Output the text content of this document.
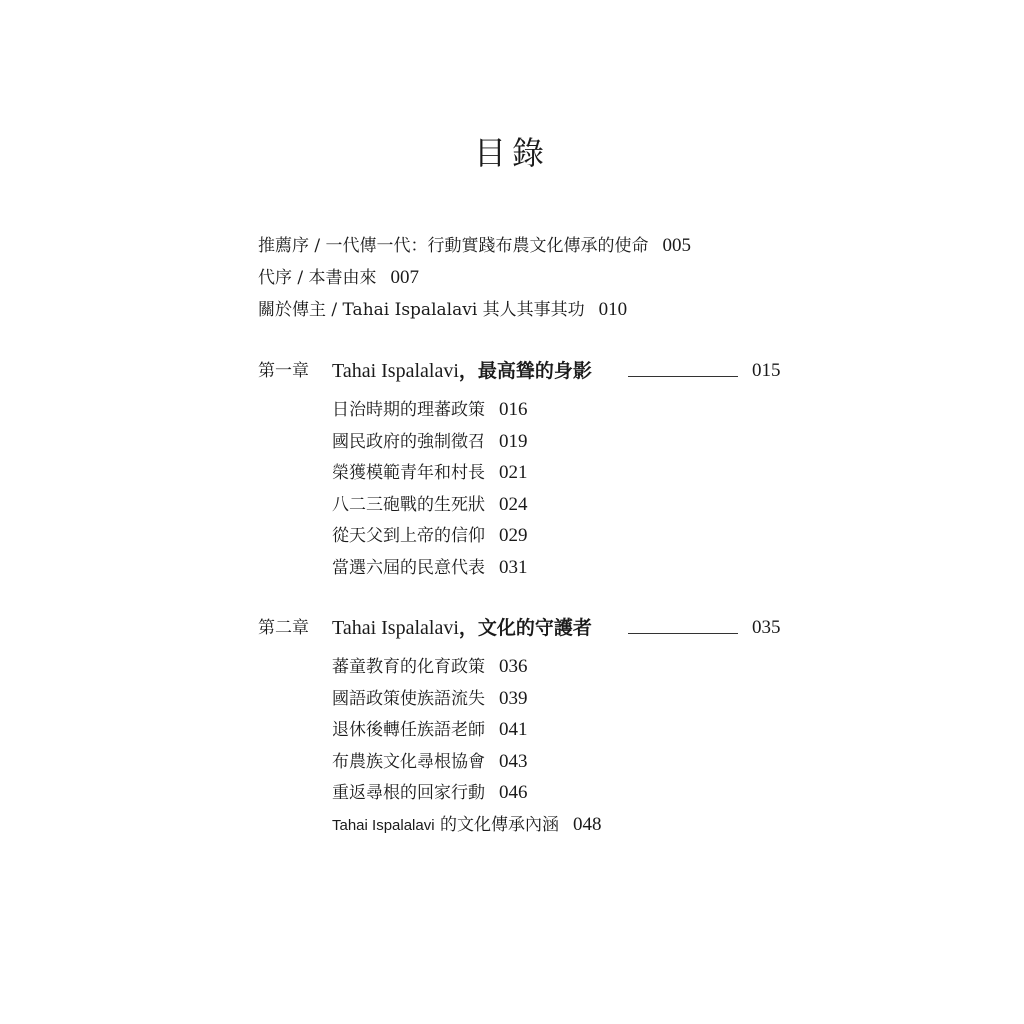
目錄
推薦序 / 一代傳一代：行動實踐布農文化傳承的使命 005
代序 / 本書由來 007
關於傳主 / Tahai Ispalalavi 其人其事其功 010
第一章 Tahai Ispalalavi，最高聳的身影	015
日治時期的理蕃政策 016
國民政府的強制徵召 019
榮獲模範青年和村長 021
八二三砲戰的生死狀 024
從天父到上帝的信仰 029
當選六屆的民意代表 031
第二章 Tahai Ispalalavi，文化的守護者	035
蕃童教育的化育政策 036
國語政策使族語流失 039
退休後轉任族語老師 041
布農族文化尋根協會 043
重返尋根的回家行動 046
Tahai Ispalalavi 的文化傳承內涵 048
